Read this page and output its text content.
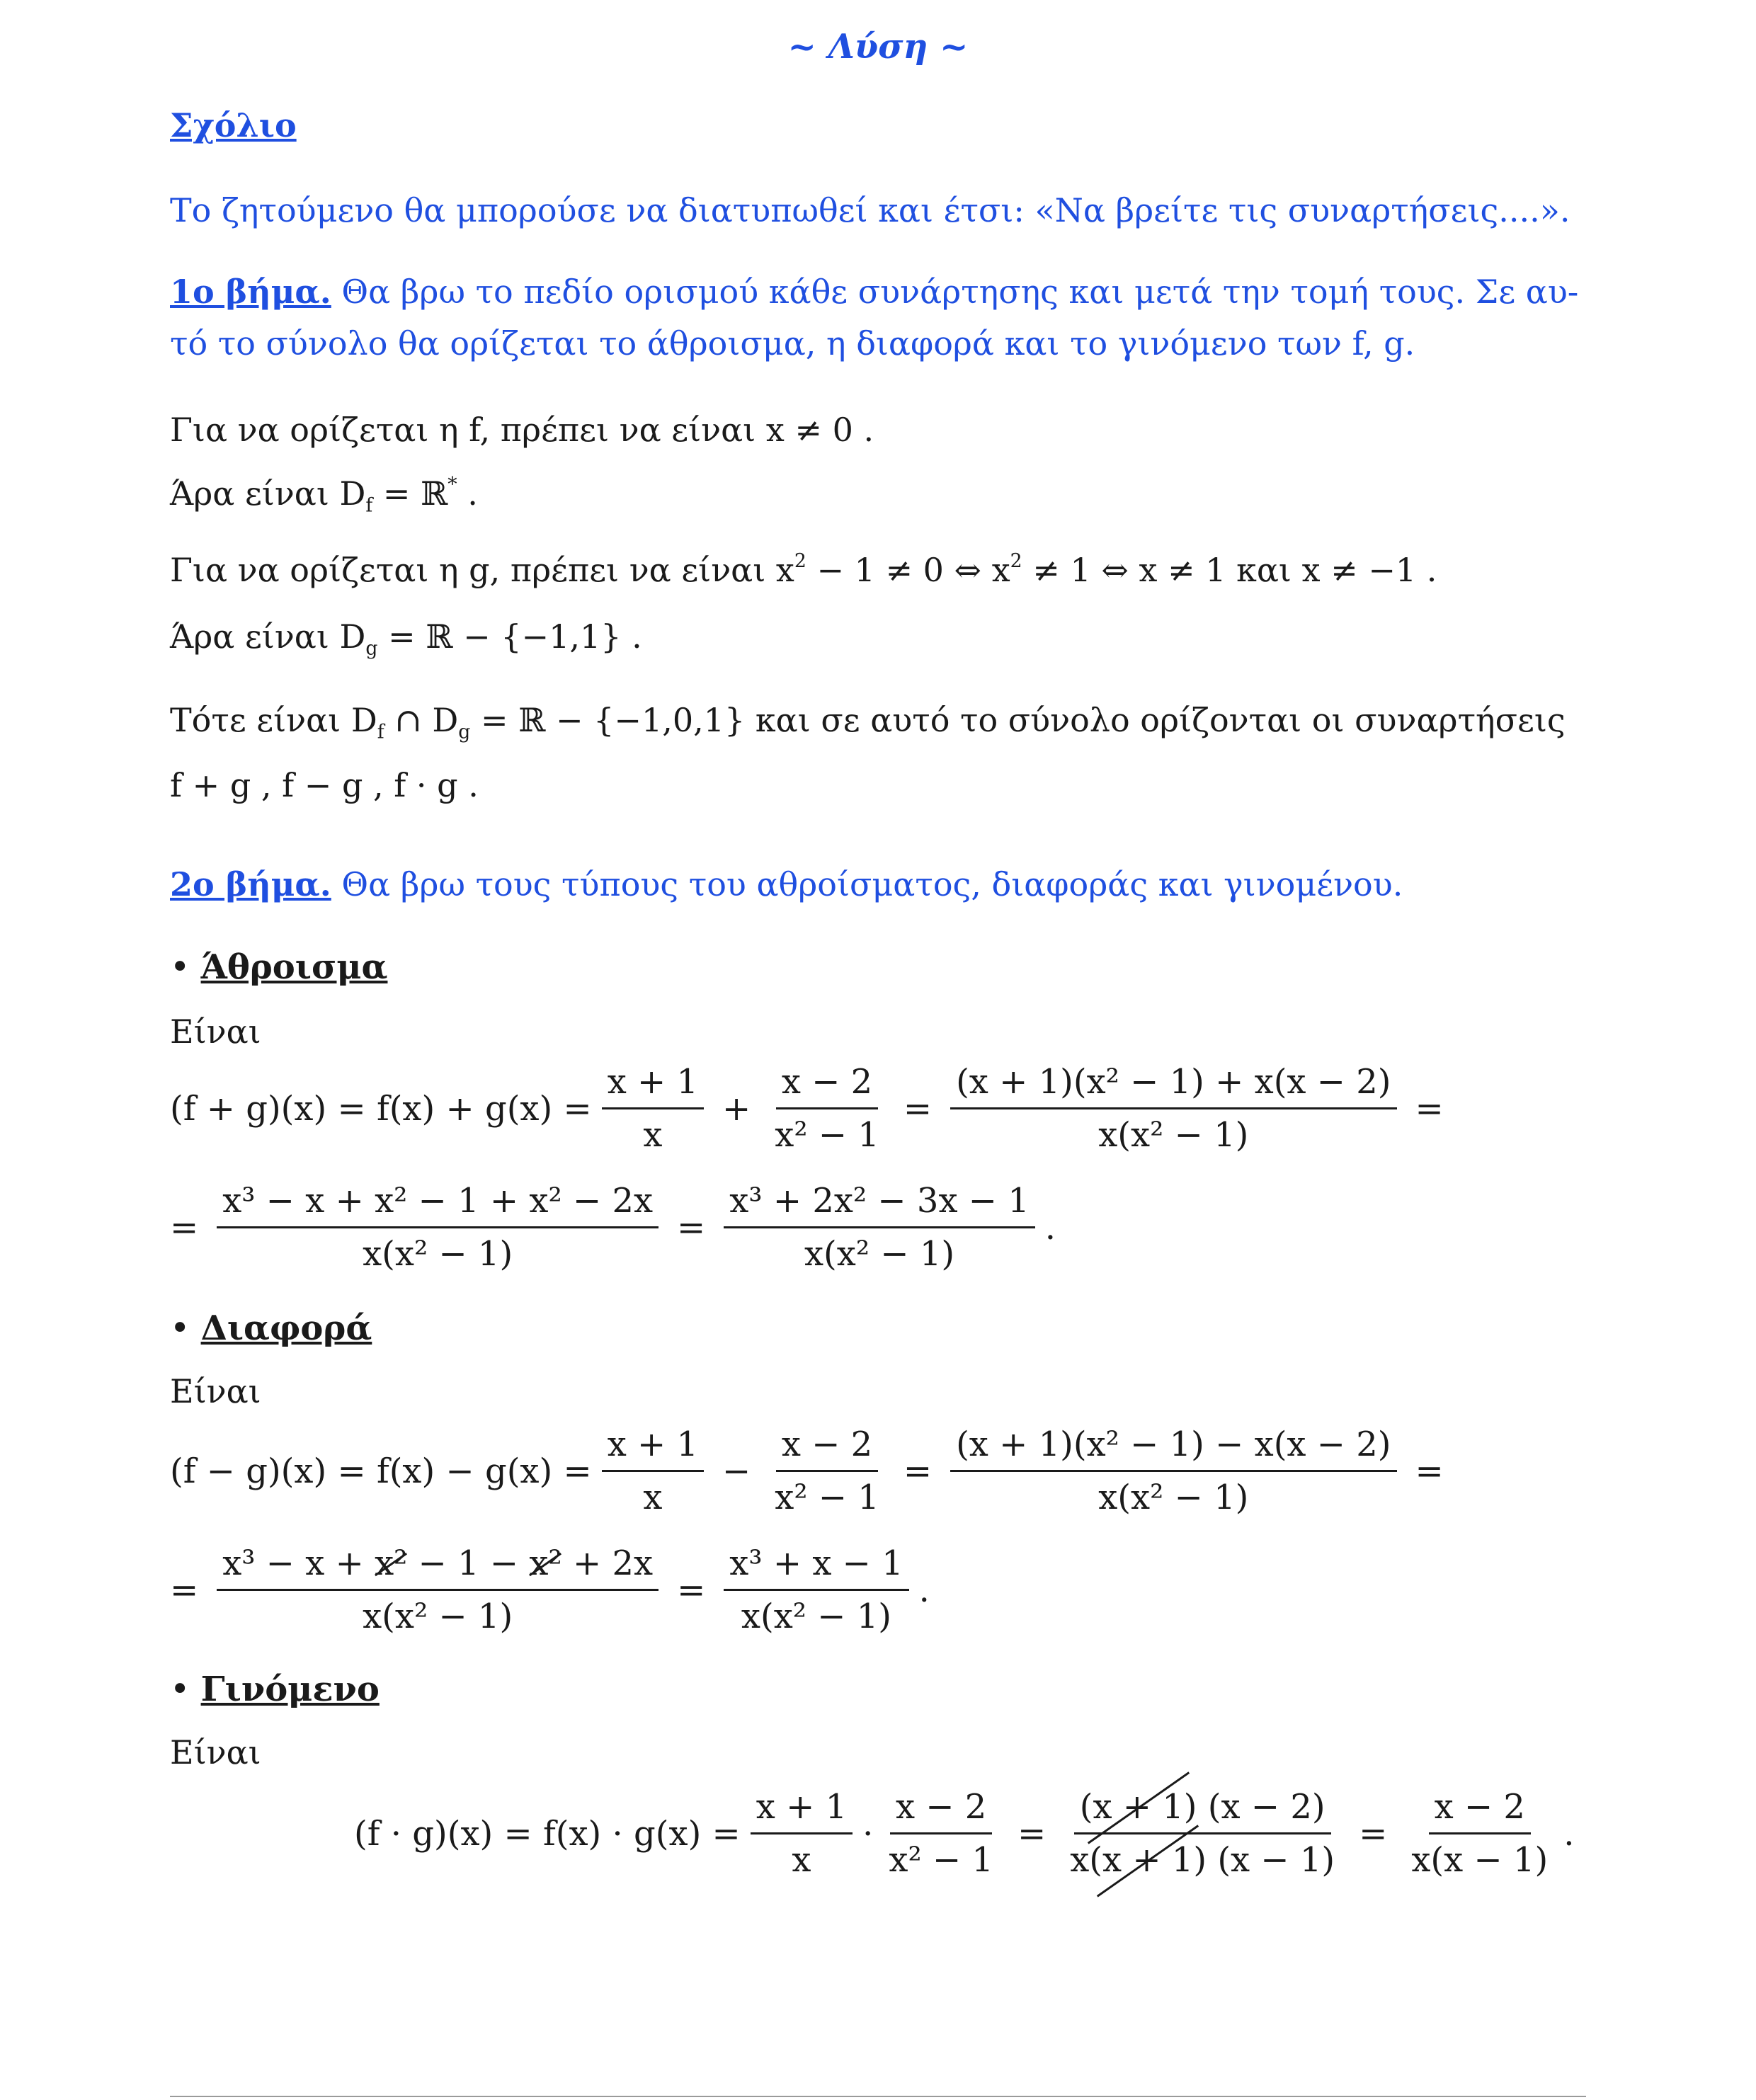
~ Λύση ~
Σχόλιο
Το ζητούμενο θα μπορούσε να διατυπωθεί και έτσι: «Να βρείτε τις συναρτήσεις....».
1ο βήμα. Θα βρω το πεδίο ορισμού κάθε συνάρτησης και μετά την τομή τους. Σε αυ-
τό το σύνολο θα ορίζεται το άθροισμα, η διαφορά και το γινόμενο των f, g.
Για να ορίζεται η f, πρέπει να είναι x ≠ 0 .
Άρα είναι $D_f$ = ℝ* .
Για να ορίζεται η g, πρέπει να είναι $x^2 - 1 \ne 0$ ⇔ $x^2 \ne 1$ ⇔ x ≠ 1 και x ≠ −1 .
Άρα είναι $D_g$ = ℝ − {−1,1} .
Τότε είναι $D_f$ ∩ $D_g$ = ℝ − {−1,0,1} και σε αυτό το σύνολο ορίζονται οι συναρτήσεις
f + g , f − g , f · g .
2ο βήμα. Θα βρω τους τύπους του αθροίσματος, διαφοράς και γινομένου.
• Άθροισμα
Είναι
$(f + g)(x) = f(x) + g(x) = \frac{x + 1}{x} + \frac{x - 2}{\text{x² − 1}} = \frac{\text{(x + 1)(x² − 1) + x(x − 2)}}{\text{x(x² − 1)}}$ =
= $\frac{\text{x³ − x + x² − 1 + x² − 2x}}{\text{x(x² − 1)}} = \frac{\text{x³ + 2x² − 3x − 1}}{\text{x(x² − 1)}}$ .
• Διαφορά
Είναι
$(f - g)(x) = f(x) - g(x) = \frac{x + 1}{x} - \frac{x - 2}{\text{x² − 1}} = \frac{\text{(x + 1)(x² − 1) − x(x − 2)}}{\text{x(x² − 1)}}$ =
= $\frac{\text{x³ − x + x² − 1 − x² + 2x}}{\text{x(x² − 1)}} = \frac{\text{x³ + x − 1}}{\text{x(x² − 1)}}$ .
• Γινόμενο
Είναι
$(f \cdot g)(x) = f(x) \cdot g(x) = \frac{x + 1}{x} \cdot \frac{x - 2}{\text{x² − 1}} = \frac{(x + 1) (x - 2)}{x(x + 1) (x - 1)} = \frac{x - 2}{x(x - 1)}$ .
